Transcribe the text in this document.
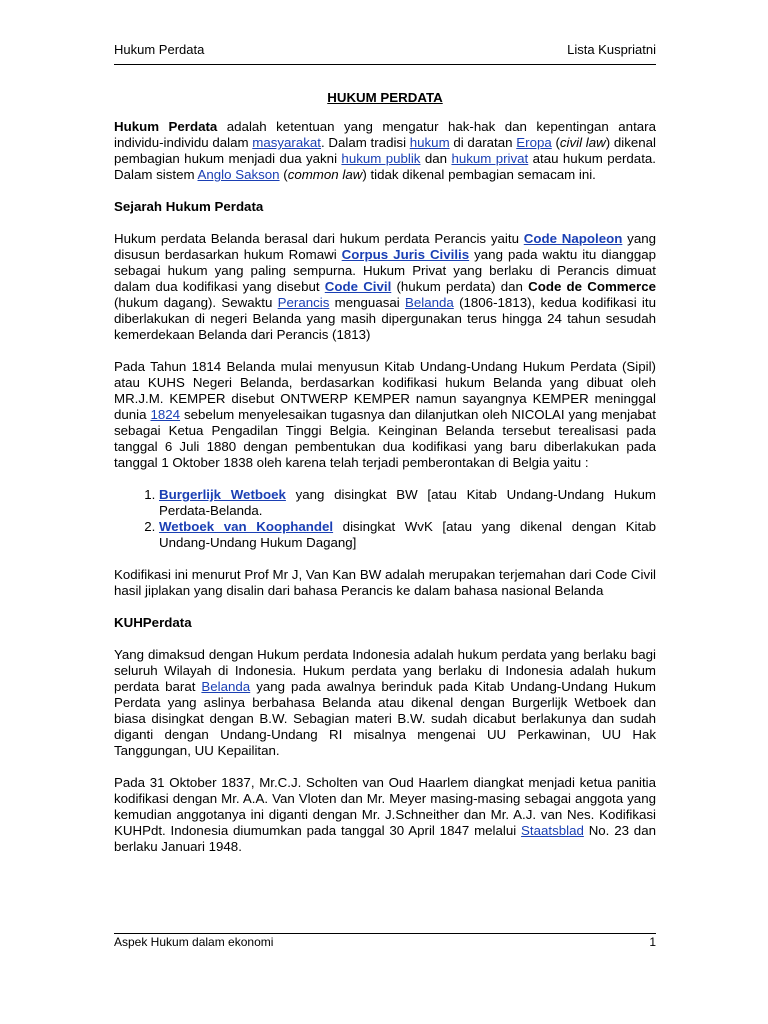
Hukum Perdata	Lista Kuspriatni
HUKUM PERDATA

Hukum Perdata adalah ketentuan yang mengatur hak-hak dan kepentingan antara individu-individu dalam masyarakat. Dalam tradisi hukum di daratan Eropa (civil law) dikenal pembagian hukum menjadi dua yakni hukum publik dan hukum privat atau hukum perdata. Dalam sistem Anglo Sakson (common law) tidak dikenal pembagian semacam ini.

Sejarah Hukum Perdata

Hukum perdata Belanda berasal dari hukum perdata Perancis yaitu Code Napoleon yang disusun berdasarkan hukum Romawi Corpus Juris Civilis yang pada waktu itu dianggap sebagai hukum yang paling sempurna. Hukum Privat yang berlaku di Perancis dimuat dalam dua kodifikasi yang disebut Code Civil (hukum perdata) dan Code de Commerce (hukum dagang). Sewaktu Perancis menguasai Belanda (1806-1813), kedua kodifikasi itu diberlakukan di negeri Belanda yang masih dipergunakan terus hingga 24 tahun sesudah kemerdekaan Belanda dari Perancis (1813)

Pada Tahun 1814 Belanda mulai menyusun Kitab Undang-Undang Hukum Perdata (Sipil) atau KUHS Negeri Belanda, berdasarkan kodifikasi hukum Belanda yang dibuat oleh MR.J.M. KEMPER disebut ONTWERP KEMPER namun sayangnya KEMPER meninggal dunia 1824 sebelum menyelesaikan tugasnya dan dilanjutkan oleh NICOLAI yang menjabat sebagai Ketua Pengadilan Tinggi Belgia. Keinginan Belanda tersebut terealisasi pada tanggal 6 Juli 1880 dengan pembentukan dua kodifikasi yang baru diberlakukan pada tanggal 1 Oktober 1838 oleh karena telah terjadi pemberontakan di Belgia yaitu :

1. Burgerlijk Wetboek yang disingkat BW [atau Kitab Undang-Undang Hukum Perdata-Belanda.
2. Wetboek van Koophandel disingkat WvK [atau yang dikenal dengan Kitab Undang-Undang Hukum Dagang]

Kodifikasi ini menurut Prof Mr J, Van Kan BW adalah merupakan terjemahan dari Code Civil hasil jiplakan yang disalin dari bahasa Perancis ke dalam bahasa nasional Belanda

KUHPerdata

Yang dimaksud dengan Hukum perdata Indonesia adalah hukum perdata yang berlaku bagi seluruh Wilayah di Indonesia. Hukum perdata yang berlaku di Indonesia adalah hukum perdata barat Belanda yang pada awalnya berinduk pada Kitab Undang-Undang Hukum Perdata yang aslinya berbahasa Belanda atau dikenal dengan Burgerlijk Wetboek dan biasa disingkat dengan B.W. Sebagian materi B.W. sudah dicabut berlakunya dan sudah diganti dengan Undang-Undang RI misalnya mengenai UU Perkawinan, UU Hak Tanggungan, UU Kepailitan.

Pada 31 Oktober 1837, Mr.C.J. Scholten van Oud Haarlem diangkat menjadi ketua panitia kodifikasi dengan Mr. A.A. Van Vloten dan Mr. Meyer masing-masing sebagai anggota yang kemudian anggotanya ini diganti dengan Mr. J.Schneither dan Mr. A.J. van Nes. Kodifikasi KUHPdt. Indonesia diumumkan pada tanggal 30 April 1847 melalui Staatsblad No. 23 dan berlaku Januari 1948.

Aspek Hukum dalam ekonomi	1
